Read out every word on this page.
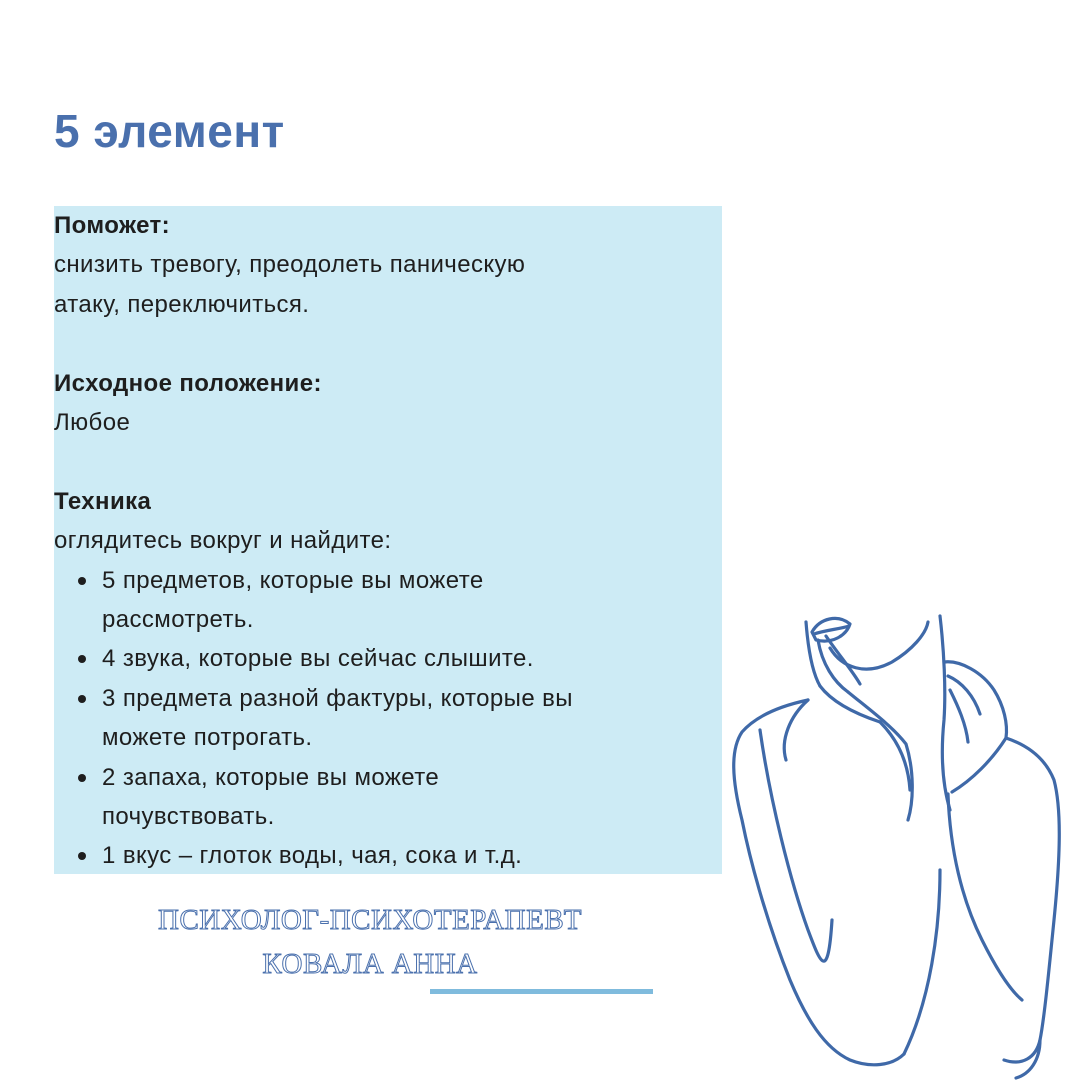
5 элемент
Поможет:
снизить тревогу, преодолеть паническую
атаку, переключиться.
Исходное положение:
Любое
Техника
оглядитесь вокруг и найдите:
5 предметов, которые вы можете
рассмотреть.
4 звука, которые вы сейчас слышите.
3 предмета разной фактуры, которые вы
можете потрогать.
2 запаха, которые вы можете
почувствовать.
1 вкус – глоток воды, чая, сока и т.д.
ПСИХОЛОГ-ПСИХОТЕРАПЕВТ
КОВАЛА АННА
